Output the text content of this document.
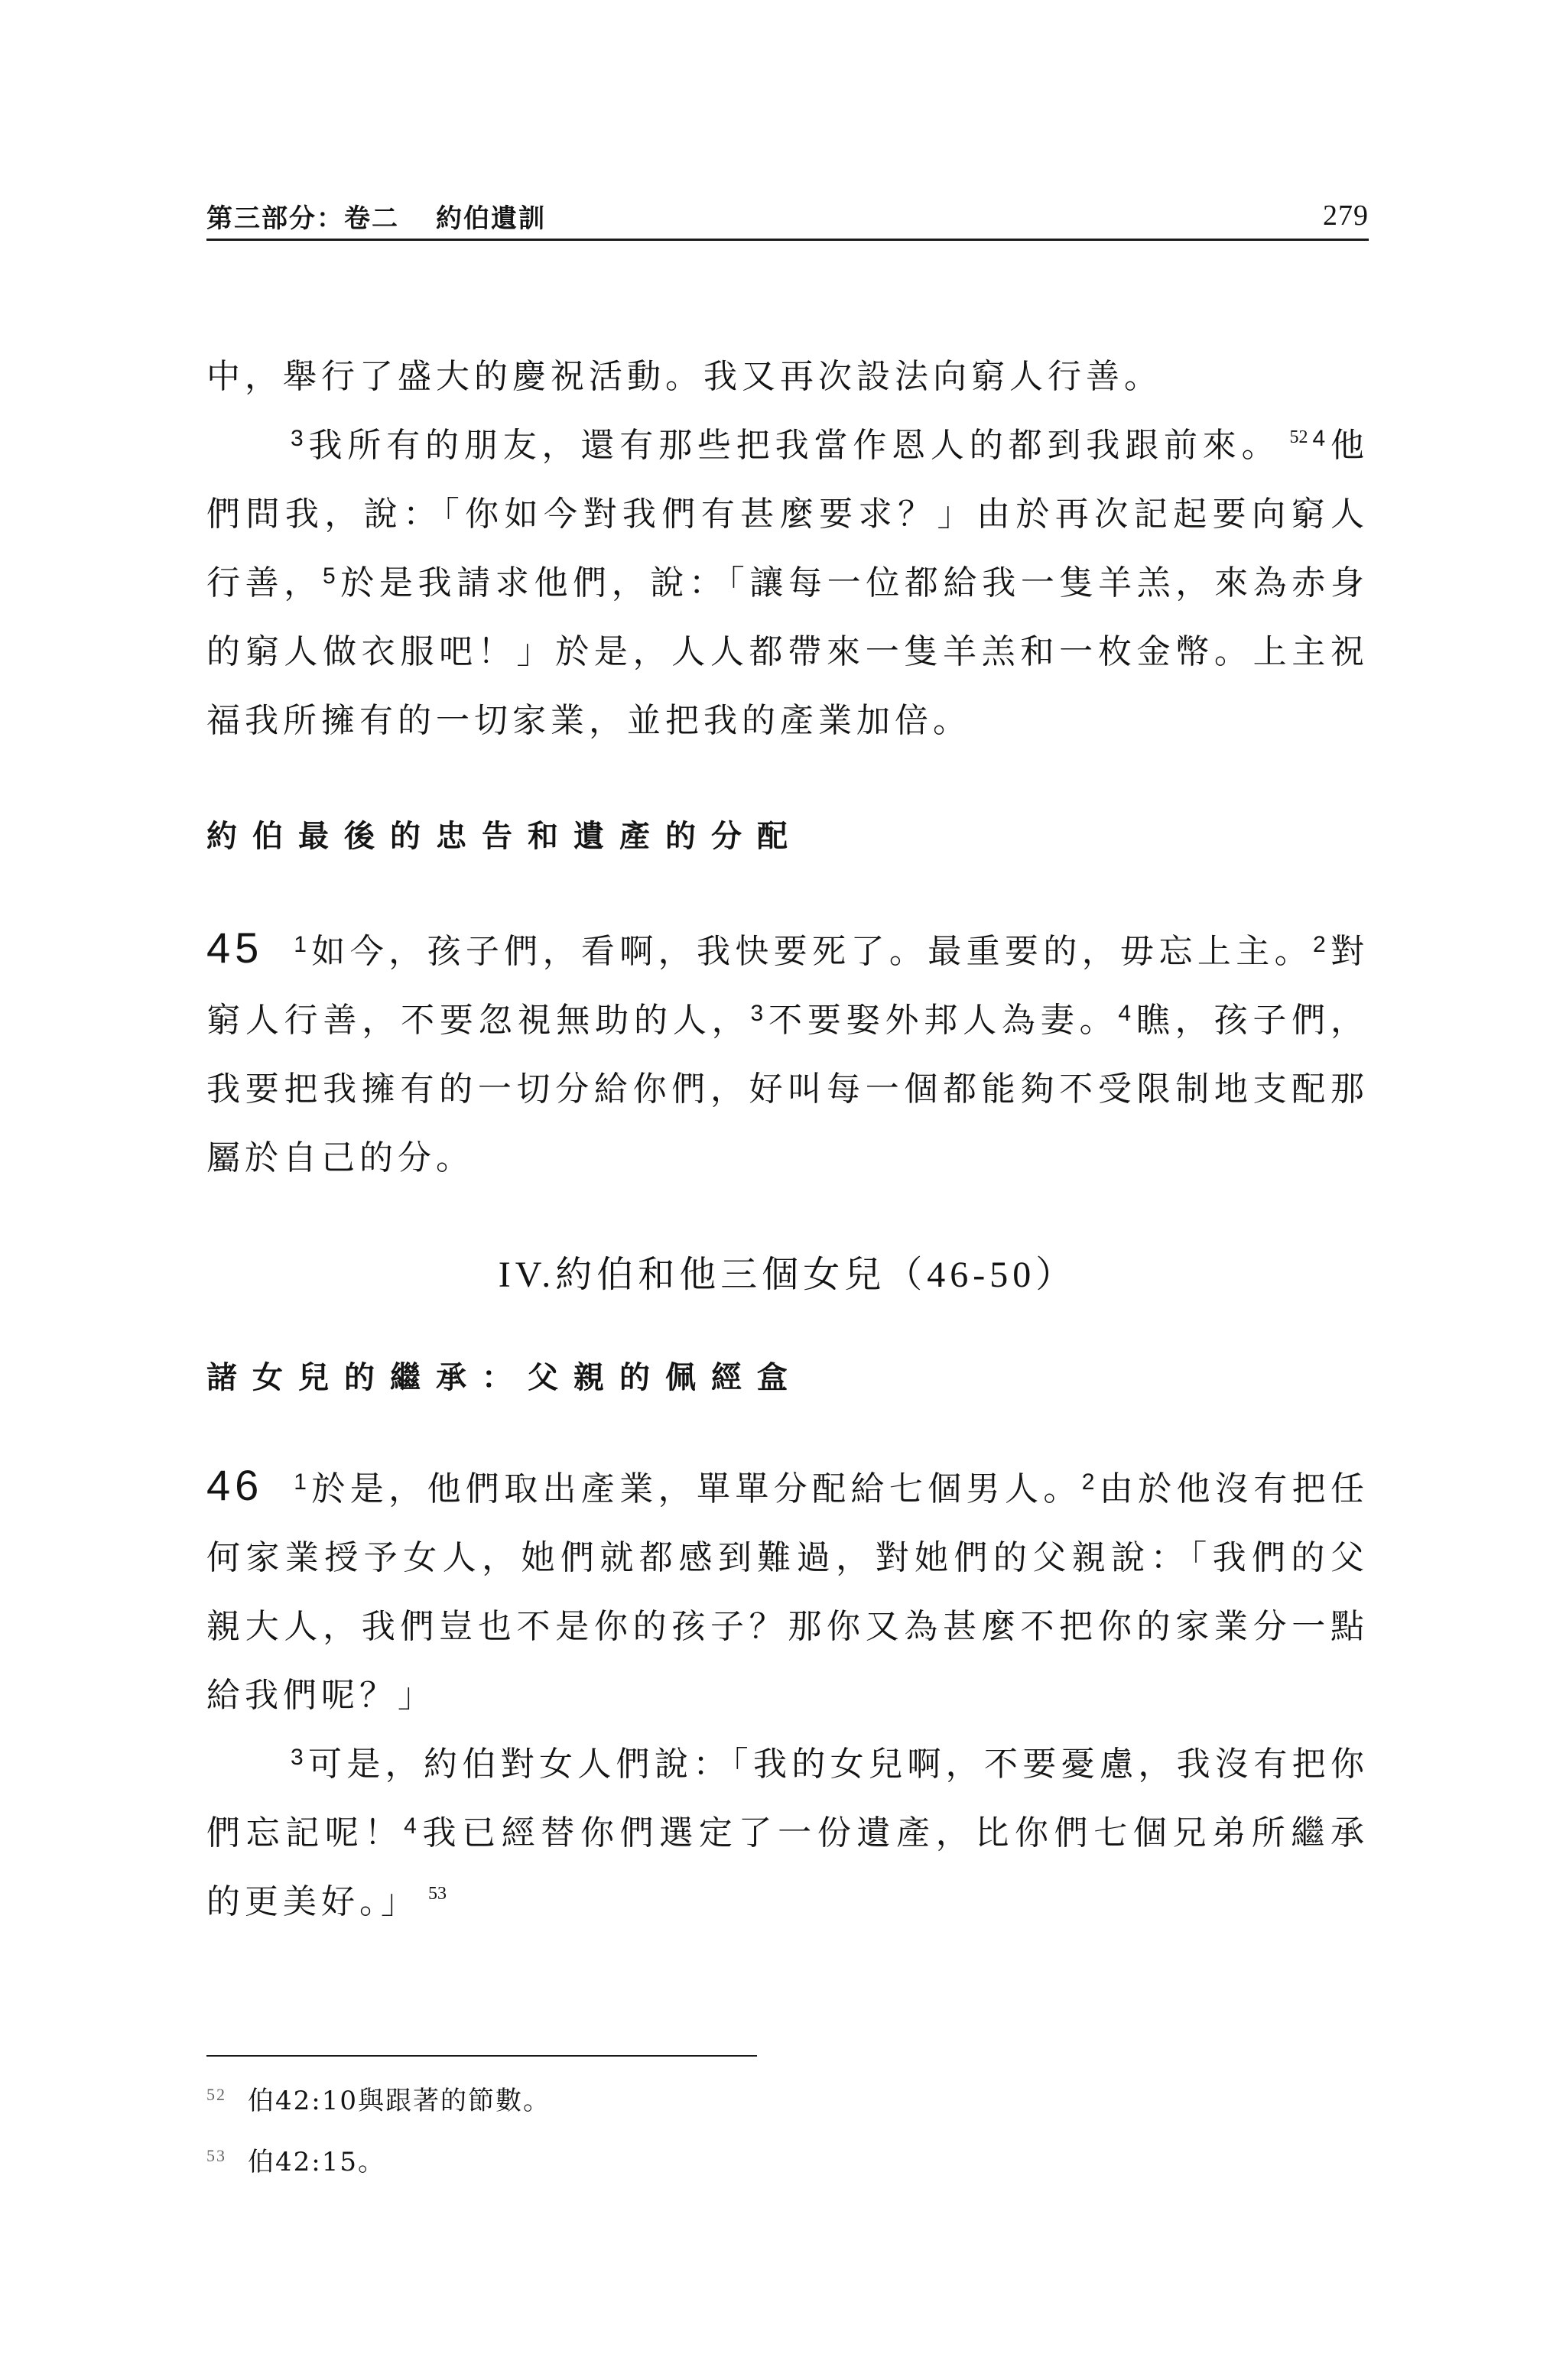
第三部分：卷二 約伯遺訓	279

中，舉行了盛大的慶祝活動。我又再次設法向窮人行善。

$^3$ 我所有的朋友，還有那些把我當作恩人的都到我跟前來。 $^{52}$ $^4$ 他們問我，說：「你如今對我們有甚麼要求？」由於再次記起要向窮人行善，$^5$ 於是我請求他們，說：「讓每一位都給我一隻羊羔，來為赤身的窮人做衣服吧！」於是，人人都帶來一隻羊羔和一枚金幣。上主祝福我所擁有的一切家業，並把我的產業加倍。

約伯最後的忠告和遺產的分配

45 $^1$ 如今，孩子們，看啊，我快要死了。最重要的，毋忘上主。$^2$ 對窮人行善，不要忽視無助的人，$^3$ 不要娶外邦人為妻。$^4$ 瞧，孩子們，我要把我擁有的一切分給你們，好叫每一個都能夠不受限制地支配那屬於自己的分。

IV.約伯和他三個女兒（46-50）
諸女兒的繼承：父親的佩經盒

46 $^1$ 於是，他們取出產業，單單分配給七個男人。$^2$ 由於他沒有把任何家業授予女人，她們就都感到難過，對她們的父親說：「我們的父親大人，我們豈也不是你的孩子？那你又為甚麼不把你的家業分一點給我們呢？」

$^3$ 可是，約伯對女人們說：「我的女兒啊，不要憂慮，我沒有把你們忘記呢！$^4$ 我已經替你們選定了一份遺產，比你們七個兄弟所繼承的更美好。」 $^{53}$

$^{52}$ 伯42:10與跟著的節數。
$^{53}$ 伯42:15。
